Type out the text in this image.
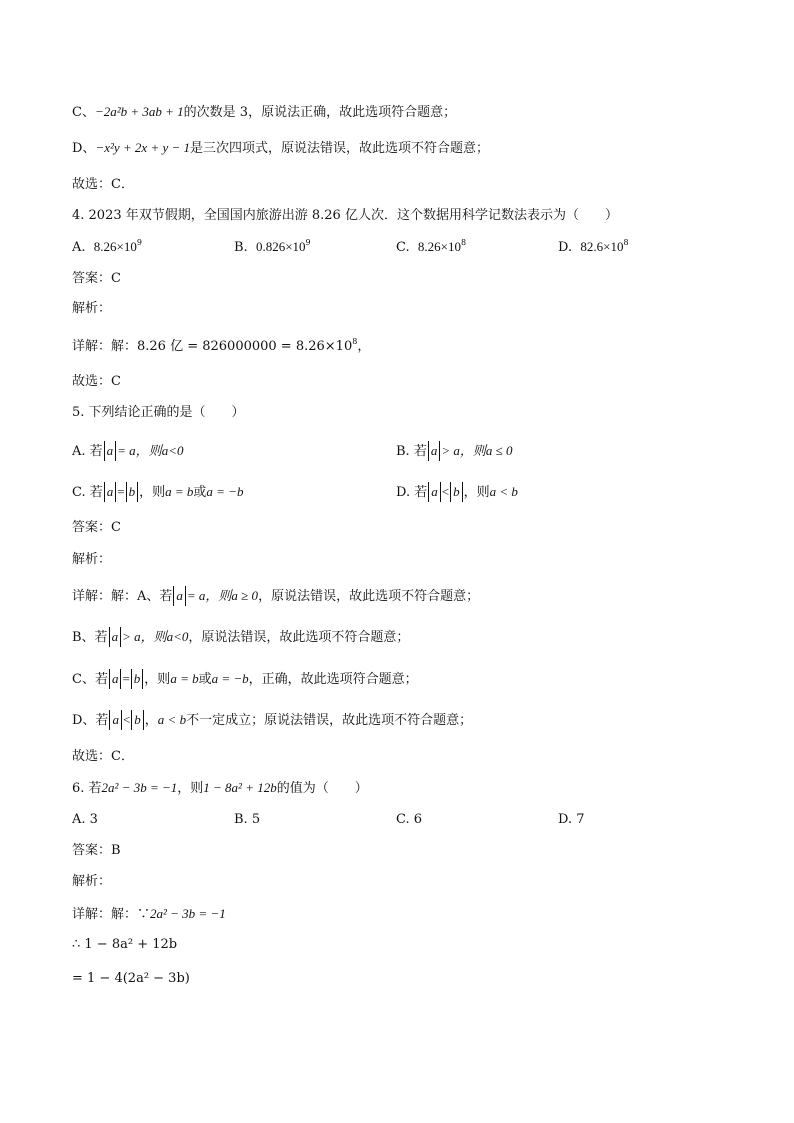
C、−2a²b + 3ab + 1的次数是 3，原说法正确，故此选项符合题意；
D、−x²y + 2x + y − 1是三次四项式，原说法错误，故此选项不符合题意；
故选：C．
4. 2023 年双节假期，全国国内旅游出游 8.26 亿人次．这个数据用科学记数法表示为（　　）
A. $8.26\times 10^9$	B. $0.826\times 10^9$	C. $8.26\times 10^8$	D. $82.6\times 10^8$
答案：C
解析：
详解：解：8.26 亿 = $826000000 = 8.26\times 10^8$，
故选：C
5. 下列结论正确的是（　　）
A. 若 a = a，则a<0	B. 若 a > a，则a ≤ 0
C. 若 a = b ，则a = b或a = −b	D. 若 a < b ，则a < b
答案：C
解析：
详解：解：A、若 a = a，则a ≥ 0，原说法错误，故此选项不符合题意；
B、若 a > a，则a<0，原说法错误，故此选项不符合题意；
C、若 a = b ，则a = b或a = −b，正确，故此选项符合题意；
D、若 a < b ，a < b不一定成立；原说法错误，故此选项不符合题意；
故选：C．
6. 若2a² − 3b = −1，则1 − 8a² + 12b的值为（　　）
A. 3	B. 5	C. 6	D. 7
答案：B
解析：
详解：解：∵2a² − 3b = −1
∴ 1 − 8a² + 12b
= 1 − 4(2a² − 3b)
